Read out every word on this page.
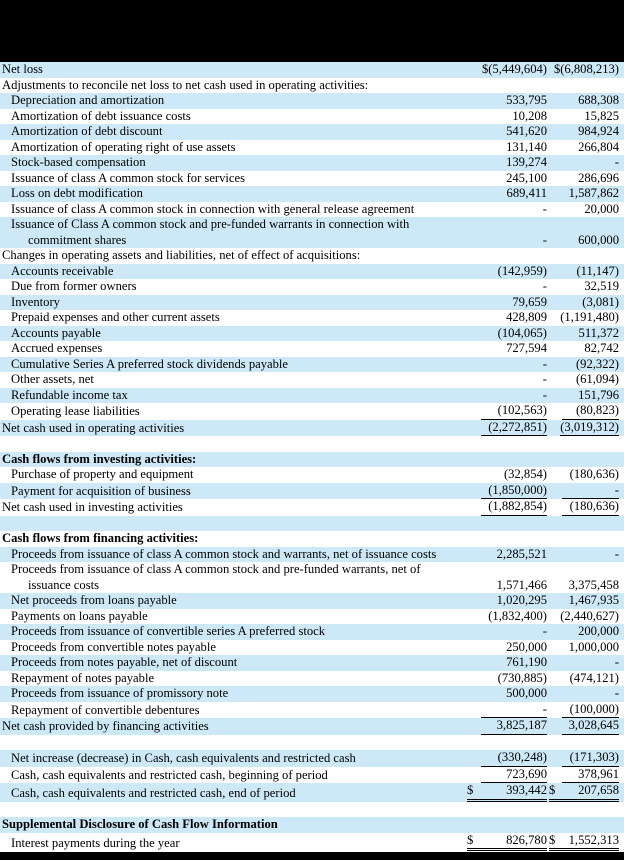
Net loss	$(5,449,604) $(6,808,213)
Adjustments to reconcile net loss to net cash used in operating activities:
Depreciation and amortization	533,795 688,308
Amortization of debt issuance costs	10,208	15,825
Amortization of debt discount	541,620 984,924
Amortization of operating right of use assets	131,140 266,804
Stock-based compensation	139,274	-
Issuance of class A common stock for services	245,100 286,696
Loss on debt modification	689,411 1,587,862
Issuance of class A common stock in connection with general release agreement	-	20,000
Issuance of Class A common stock and pre-funded warrants in connection with
commitment shares	- 600,000
Changes in operating assets and liabilities, net of effect of acquisitions:
Accounts receivable	(142,959) (11,147)
Due from former owners	-	32,519
Inventory	79,659	(3,081)
Prepaid expenses and other current assets	428,809 (1,191,480)
Accounts payable	(104,065)	511,372
Accrued expenses	727,594	82,742
Cumulative Series A preferred stock dividends payable	- (92,322)
Other assets, net	- (61,094)
Refundable income tax	- 151,796
Operating lease liabilities	(102,563) (80,823)
Net cash used in operating activities	(2,272,851) (3,019,312)
Cash flows from investing activities:
Purchase of property and equipment	(32,854) (180,636)
Payment for acquisition of business	(1,850,000)	-
Net cash used in investing activities	(1,882,854) (180,636)
Cash flows from financing activities:
Proceeds from issuance of class A common stock and warrants, net of issuance costs	2,285,521	-
Proceeds from issuance of class A common stock and pre-funded warrants, net of
issuance costs	1,571,466 3,375,458
Net proceeds from loans payable	1,020,295 1,467,935
Payments on loans payable	(1,832,400) (2,440,627)
Proceeds from issuance of convertible series A preferred stock	- 200,000
Proceeds from convertible notes payable	250,000 1,000,000
Proceeds from notes payable, net of discount	761,190	-
Repayment of notes payable	(730,885) (474,121)
Proceeds from issuance of promissory note	500,000	-
Repayment of convertible debentures	- (100,000)
Net cash provided by financing activities	3,825,187 3,028,645
Net increase (decrease) in Cash, cash equivalents and restricted cash	(330,248) (171,303)
Cash, cash equivalents and restricted cash, beginning of period	723,690 378,961
Cash, cash equivalents and restricted cash, end of period	$	393,442 $ 207,658
Supplemental Disclosure of Cash Flow Information
Interest payments during the year	$	826,780 $ 1,552,313
